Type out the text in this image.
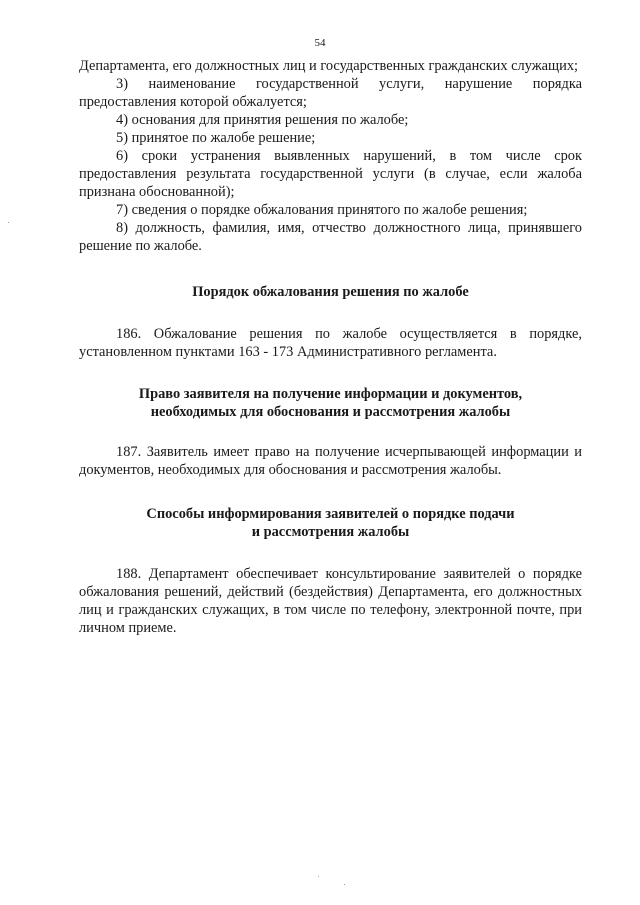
54

Департамента, его должностных лиц и государственных гражданских служащих;

3) наименование государственной услуги, нарушение порядка предоставления которой обжалуется;

4) основания для принятия решения по жалобе;

5) принятое по жалобе решение;

6) сроки устранения выявленных нарушений, в том числе срок предоставления результата государственной услуги (в случае, если жалоба признана обоснованной);

7) сведения о порядке обжалования принятого по жалобе решения;

8) должность, фамилия, имя, отчество должностного лица, принявшего решение по жалобе.

Порядок обжалования решения по жалобе

186. Обжалование решения по жалобе осуществляется в порядке, установленном пунктами 163 - 173 Административного регламента.

Право заявителя на получение информации и документов,
необходимых для обоснования и рассмотрения жалобы

187. Заявитель имеет право на получение исчерпывающей информации и документов, необходимых для обоснования и рассмотрения жалобы.

Способы информирования заявителей о порядке подачи
и рассмотрения жалобы

188. Департамент обеспечивает консультирование заявителей о порядке обжалования решений, действий (бездействия) Департамента, его должностных лиц и гражданских служащих, в том числе по телефону, электронной почте, при личном приеме.
